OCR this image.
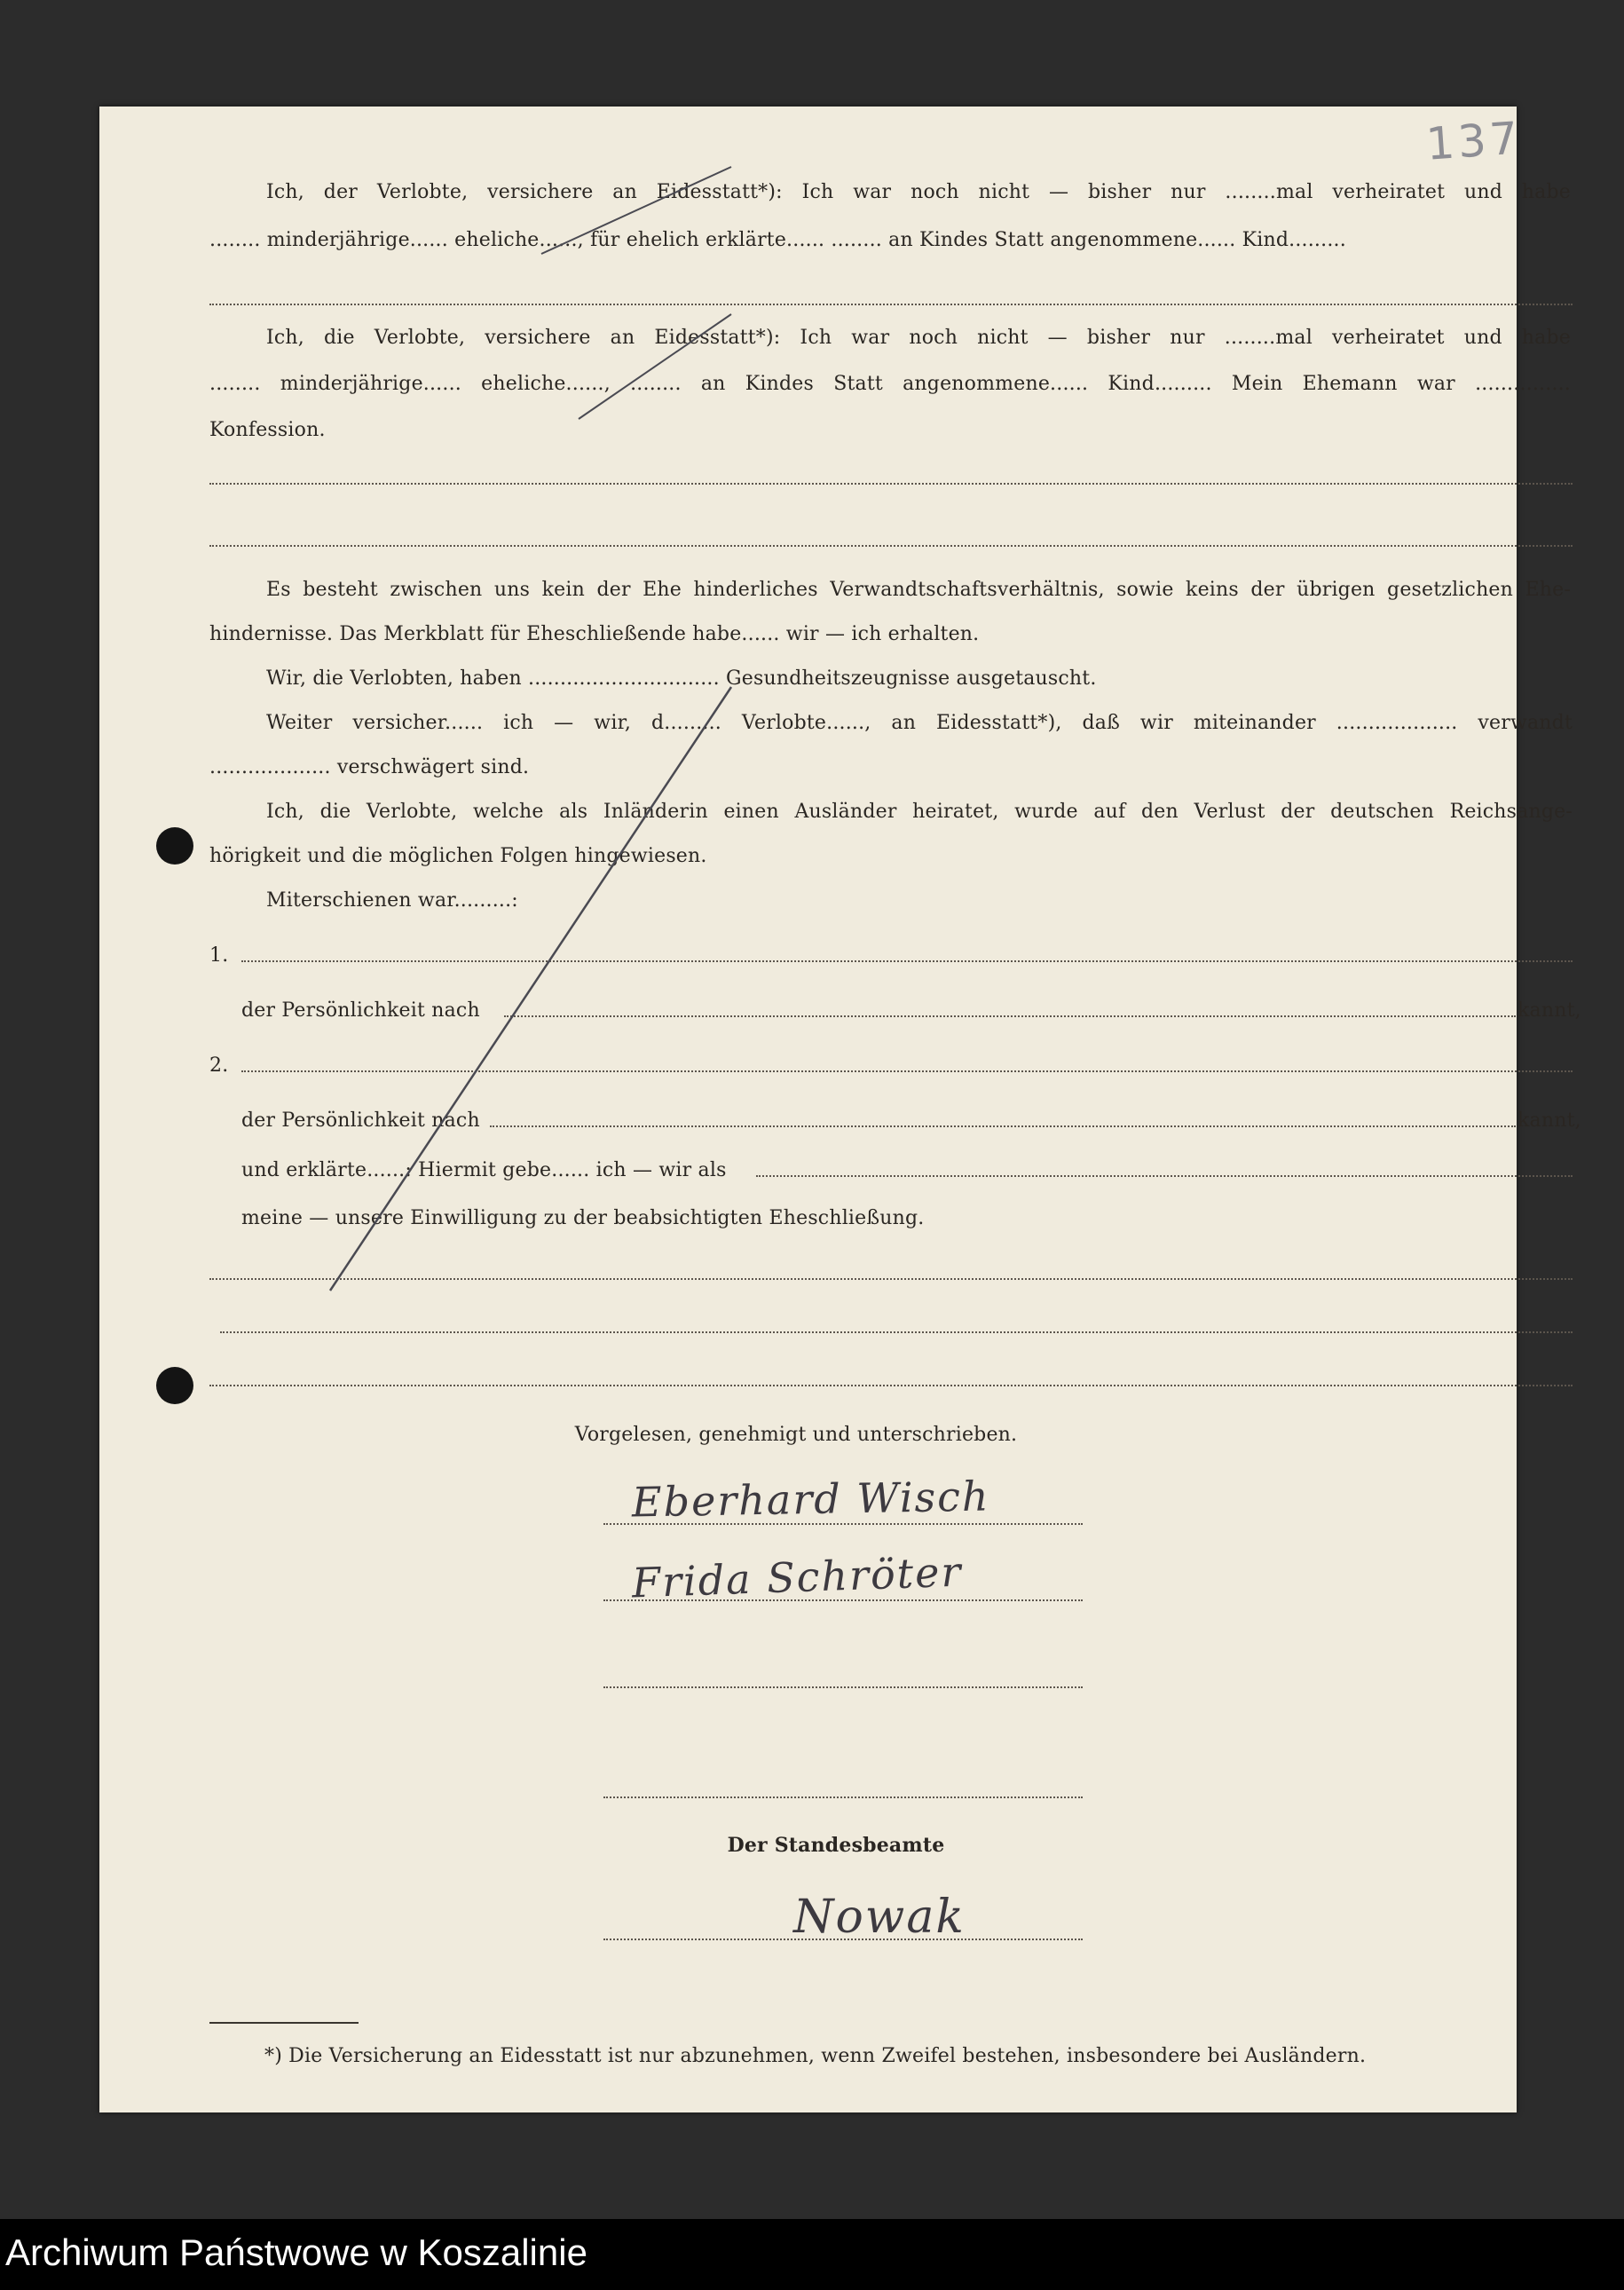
137
Ich, der Verlobte, versichere an Eidesstatt*): Ich war noch nicht — bisher nur ........mal verheiratet und habe
........ minderjährige...... eheliche......, für ehelich erklärte...... ........ an Kindes Statt angenommene...... Kind.........
Ich, die Verlobte, versichere an Eidesstatt*): Ich war noch nicht — bisher nur ........mal verheiratet und habe
........ minderjährige...... eheliche......, ........ an Kindes Statt angenommene...... Kind......... Mein Ehemann war ...............
Konfession.
Es besteht zwischen uns kein der Ehe hinderliches Verwandtschaftsverhältnis, sowie keins der übrigen gesetzlichen Ehe-
hindernisse. Das Merkblatt für Eheschließende habe...... wir — ich erhalten.
Wir, die Verlobten, haben .............................. Gesundheitszeugnisse ausgetauscht.
Weiter versicher...... ich — wir, d......... Verlobte......, an Eidesstatt*), daß wir miteinander ................... verwandt
................... verschwägert sind.
Ich, die Verlobte, welche als Inländerin einen Ausländer heiratet, wurde auf den Verlust der deutschen Reichsange-
hörigkeit und die möglichen Folgen hingewiesen.
Miterschienen war.........:
1.
der Persönlichkeit nach	kannt,
2.
der Persönlichkeit nach	kannt,
und erklärte......: Hiermit gebe...... ich — wir als
meine — unsere Einwilligung zu der beabsichtigten Eheschließung.
Vorgelesen, genehmigt und unterschrieben.
Eberhard Wisch
Frida Schröter
Der Standesbeamte
Nowak
*) Die Versicherung an Eidesstatt ist nur abzunehmen, wenn Zweifel bestehen, insbesondere bei Ausländern.
Archiwum Państwowe w Koszalinie
